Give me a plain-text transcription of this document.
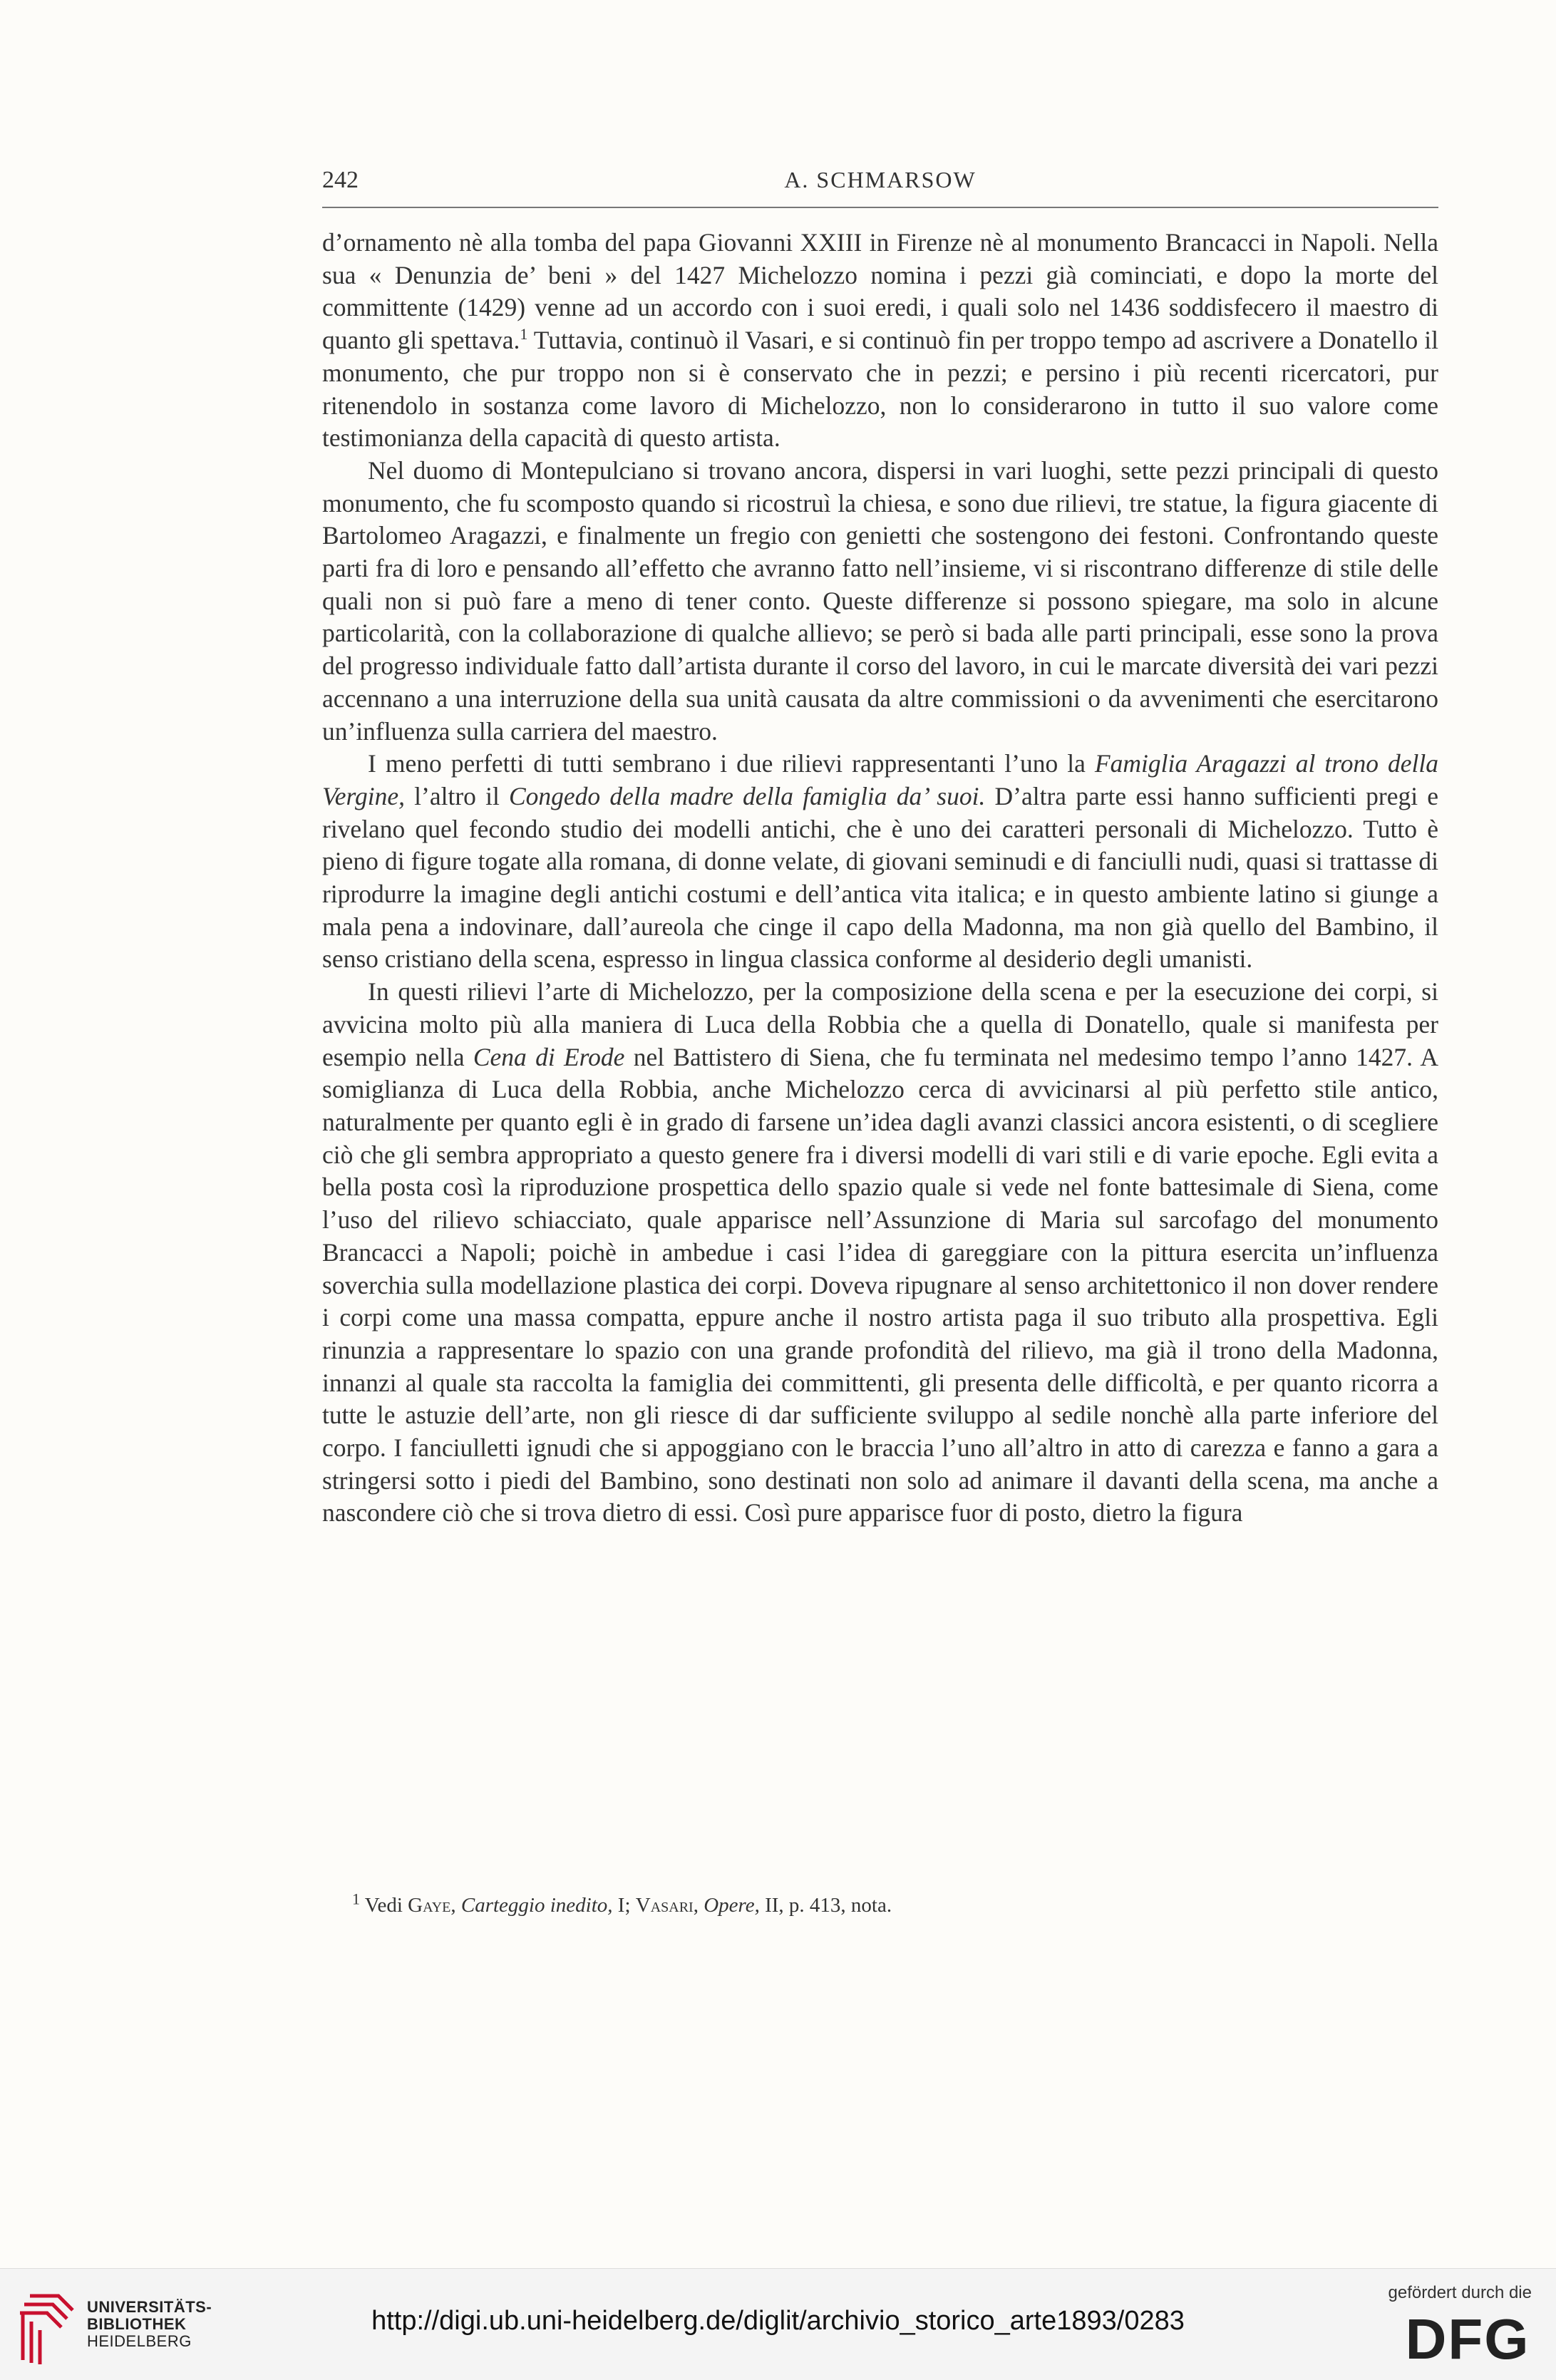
242	A. SCHMARSOW

d’ornamento nè alla tomba del papa Giovanni XXIII in Firenze nè al monumento Brancacci in Napoli. Nella sua « Denunzia de’ beni » del 1427 Michelozzo nomina i pezzi già cominciati, e dopo la morte del committente (1429) venne ad un accordo con i suoi eredi, i quali solo nel 1436 soddisfecero il maestro di quanto gli spettava.$^1$ Tuttavia, continuò il Vasari, e si continuò fin per troppo tempo ad ascrivere a Donatello il monumento, che pur troppo non si è conservato che in pezzi; e persino i più recenti ricercatori, pur ritenendolo in sostanza come lavoro di Michelozzo, non lo considerarono in tutto il suo valore come testimonianza della capacità di questo artista.

Nel duomo di Montepulciano si trovano ancora, dispersi in vari luoghi, sette pezzi principali di questo monumento, che fu scomposto quando si ricostruì la chiesa, e sono due rilievi, tre statue, la figura giacente di Bartolomeo Aragazzi, e finalmente un fregio con genietti che sostengono dei festoni. Confrontando queste parti fra di loro e pensando all’effetto che avranno fatto nell’insieme, vi si riscontrano differenze di stile delle quali non si può fare a meno di tener conto. Queste differenze si possono spiegare, ma solo in alcune particolarità, con la collaborazione di qualche allievo; se però si bada alle parti principali, esse sono la prova del progresso individuale fatto dall’artista durante il corso del lavoro, in cui le marcate diversità dei vari pezzi accennano a una interruzione della sua unità causata da altre commissioni o da avvenimenti che esercitarono un’influenza sulla carriera del maestro.

I meno perfetti di tutti sembrano i due rilievi rappresentanti l’uno la Famiglia Aragazzi al trono della Vergine, l’altro il Congedo della madre della famiglia da’ suoi. D’altra parte essi hanno sufficienti pregi e rivelano quel fecondo studio dei modelli antichi, che è uno dei caratteri personali di Michelozzo. Tutto è pieno di figure togate alla romana, di donne velate, di giovani seminudi e di fanciulli nudi, quasi si trattasse di riprodurre la imagine degli antichi costumi e dell’antica vita italica; e in questo ambiente latino si giunge a mala pena a indovinare, dall’aureola che cinge il capo della Madonna, ma non già quello del Bambino, il senso cristiano della scena, espresso in lingua classica conforme al desiderio degli umanisti.

In questi rilievi l’arte di Michelozzo, per la composizione della scena e per la esecuzione dei corpi, si avvicina molto più alla maniera di Luca della Robbia che a quella di Donatello, quale si manifesta per esempio nella Cena di Erode nel Battistero di Siena, che fu terminata nel medesimo tempo l’anno 1427. A somiglianza di Luca della Robbia, anche Michelozzo cerca di avvicinarsi al più perfetto stile antico, naturalmente per quanto egli è in grado di farsene un’idea dagli avanzi classici ancora esistenti, o di scegliere ciò che gli sembra appropriato a questo genere fra i diversi modelli di vari stili e di varie epoche. Egli evita a bella posta così la riproduzione prospettica dello spazio quale si vede nel fonte battesimale di Siena, come l’uso del rilievo schiacciato, quale apparisce nell’Assunzione di Maria sul sarcofago del monumento Brancacci a Napoli; poichè in ambedue i casi l’idea di gareggiare con la pittura esercita un’influenza soverchia sulla modellazione plastica dei corpi. Doveva ripugnare al senso architettonico il non dover rendere i corpi come una massa compatta, eppure anche il nostro artista paga il suo tributo alla prospettiva. Egli rinunzia a rappresentare lo spazio con una grande profondità del rilievo, ma già il trono della Madonna, innanzi al quale sta raccolta la famiglia dei committenti, gli presenta delle difficoltà, e per quanto ricorra a tutte le astuzie dell’arte, non gli riesce di dar sufficiente sviluppo al sedile nonchè alla parte inferiore del corpo. I fanciulletti ignudi che si appoggiano con le braccia l’uno all’altro in atto di carezza e fanno a gara a stringersi sotto i piedi del Bambino, sono destinati non solo ad animare il davanti della scena, ma anche a nascondere ciò che si trova dietro di essi. Così pure apparisce fuor di posto, dietro la figura

$^1$ Vedi Gaye, Carteggio inedito, I; Vasari, Opere, II, p. 413, nota.
UNIVERSITÄTS-
BIBLIOTHEK
HEIDELBERG
http://digi.ub.uni-heidelberg.de/diglit/archivio_storico_arte1893/0283
gefördert durch die
DFG
